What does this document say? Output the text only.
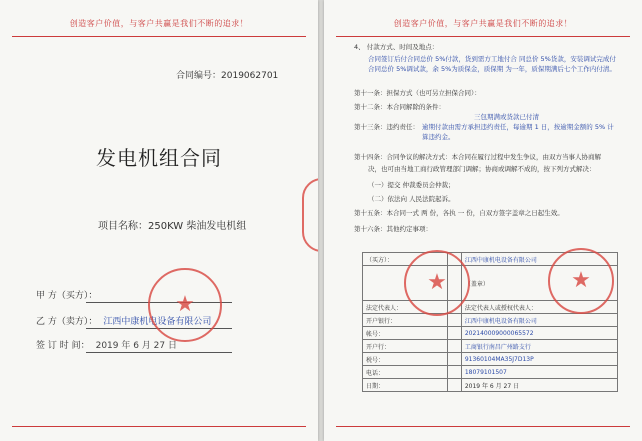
创造客户价值，与客户共赢是我们不断的追求！
合同编号：2019062701
发电机组合同
项目名称：250KW 柴油发电机组
甲 方（买方）：
乙 方（卖方）： 江西中康机电设备有限公司
签 订 时 间： 2019 年 6 月 27 日
★
创造客户价值，与客户共赢是我们不断的追求！
4、 付款方式、时间及地点：
合同签订后付合同总价 5%付款，货到需方工地付合 同总价 5%货款，安装调试完成付合同总价 5%调试款，余 5%为质保金，质保期 为一年，质保期满后七个工作内付清。
第十一条：担保方式（也可另立担保合同）：
第十二条：本合同解除的条件：
三包期满或货款已付清
第十三条：违约责任： 逾期付款由需方承担违约责任，每逾期 1 日，按逾期金额的 5% 计算违约金。
第十四条：合同争议的解决方式：本合同在履行过程中发生争议，由双方当事人协商解
决，也可由当地工商行政管理部门调解；协商或调解不成的，按下列方式解决：
（一）提交 仲裁委员会仲裁；
（二）依法向 人民法院起诉。
第十五条：本合同一式 两 份，各执 一 份，自双方签字盖章之日起生效。
第十六条：其他约定事项：
（买方）：		江西中康机电设备有限公司
		（盖章）
法定代表人：		法定代表人或授权代表人：
开户银行：		江西中康机电设备有限公司
帐号：		202140009000065572
开户行：		工商银行南昌广州路支行
税号：		91360104MA35J7D13P
电话：		18079101507
日期：		2019 年 6 月 27 日
★	★
